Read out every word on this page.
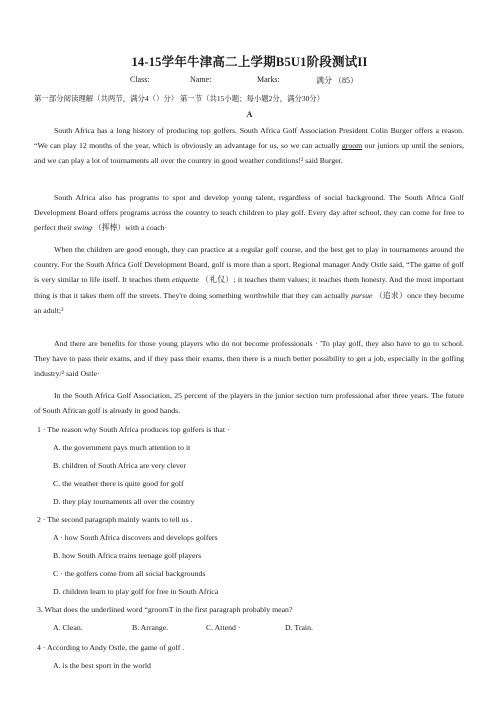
14-15学年牛津高二上学期B5U1阶段测试II
Class:	Name:	Marks:	满分 （85）
第一部分阅读理解（共两节，满分4（）分） 第一节（共15小题；每小题2分，满分30分）
A

South Africa has a long history of producing top golfers. South Africa Golf Association President Colin Burger offers a reason. “We can play 12 months of the year, which is obviously an advantage for us, so we can actually groom our juniors up until the seniors, and we can play a lot of tournaments all over the country in good weather conditions!² said Burger.

South Africa also has programs to spot and develop young talent, regardless of social background. The South Africa Golf Development Board offers programs across the country to teach children to play golf. Every day after school, they can come for free to perfect their swing （挥棒）with a coach·

When the children are good enough, they can practice at a regular golf course, and the best get to play in tournaments around the country. For the South Africa Golf Development Board, golf is more than a sport. Regional manager Andy Ostle said, “The game of golf is very similar to life itself. It teaches them etiquette （礼仪）; it teaches them values; it teaches them honesty. And the most important thing is that it takes them off the streets. They're doing something worthwhile that they can actually pursue （追求）once they become an adult;²

And there are benefits for those young players who do not become professionals · 'To play golf, they also have to go to school. They have to pass their exams, and if they pass their exams, then there is a much better possibility to get a job, especially in the golfing industry/² said Ostle·

In the South Africa Golf Association, 25 percent of the players in the junior section turn professional after three years. The future of South African golf is already in good hands.

1 · The reason why South Africa produces top golfers is that ·
A. the government pays much attention to it
B. children of South Africa are very clever
C. the weather there is quite good for golf
D. they play tournaments all over the country
2 · The second paragraph mainly wants to tell us .
A · how South Africa discovers and develops golfers
B. how South Africa trains teenage golf players
C · the golfers come from all social backgrounds
D. children learn to play golf for free in South Africa
3. What does the underlined word “groornT in the first paragraph probably mean?
A. Clean.	B. Arrange.	C. Attend ·	D. Train.
4 · According to Andy Ostle, the game of golf .
A. is the best sport in the world
